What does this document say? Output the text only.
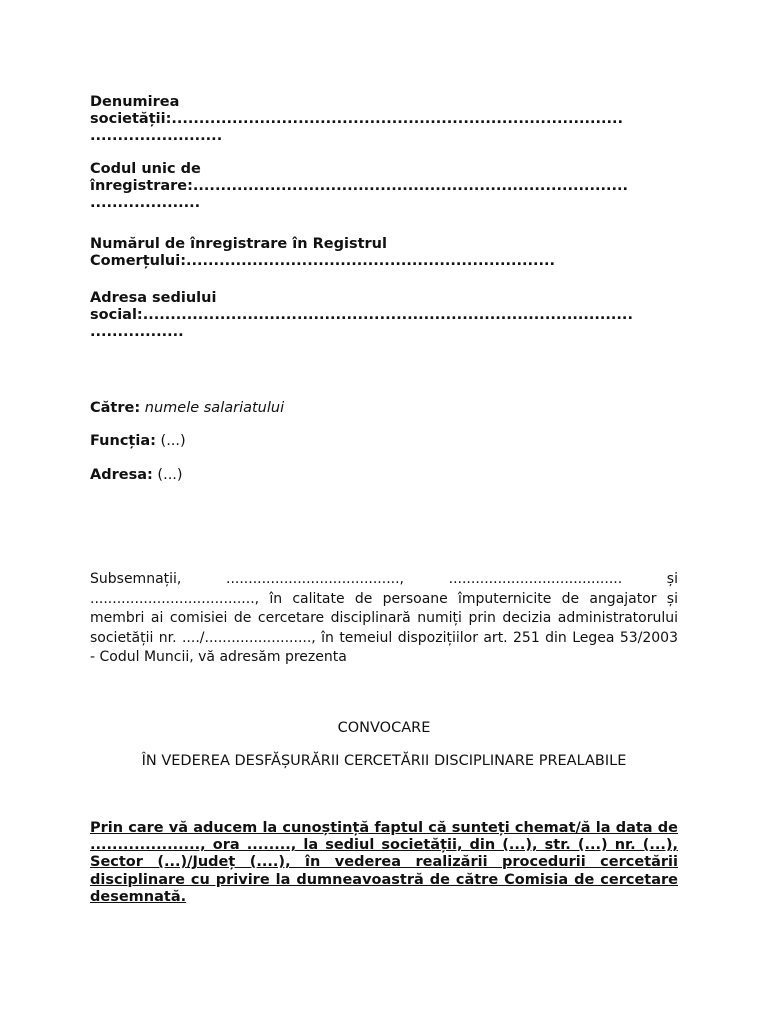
Denumirea

societății:..................................................................................

........................

Codul unic de

înregistrare:...............................................................................

....................

Numărul de înregistrare în Registrul

Comerțului:...................................................................

Adresa sediului

social:.........................................................................................

.................

Către: numele salariatului
Funcția: (...)
Adresa: (...)
Subsemnații, ......................................., ....................................... și ....................................., în calitate de persoane împuternicite de angajator și membri ai comisiei de cercetare disciplinară numiți prin decizia administratorului societății nr. ..../........................, în temeiul dispozițiilor art. 251 din Legea 53/2003 - Codul Muncii, vă adresăm prezenta
CONVOCARE
ÎN VEDEREA DESFĂȘURĂRII CERCETĂRII DISCIPLINARE PREALABILE
Prin care vă aducem la cunoștință faptul că sunteți chemat/ă la data de ...................., ora ........, la sediul societății, din (...), str. (...) nr. (...), Sector (...)/Județ (....), în vederea realizării procedurii cercetării disciplinare cu privire la dumneavoastră de către Comisia de cercetare desemnată.
